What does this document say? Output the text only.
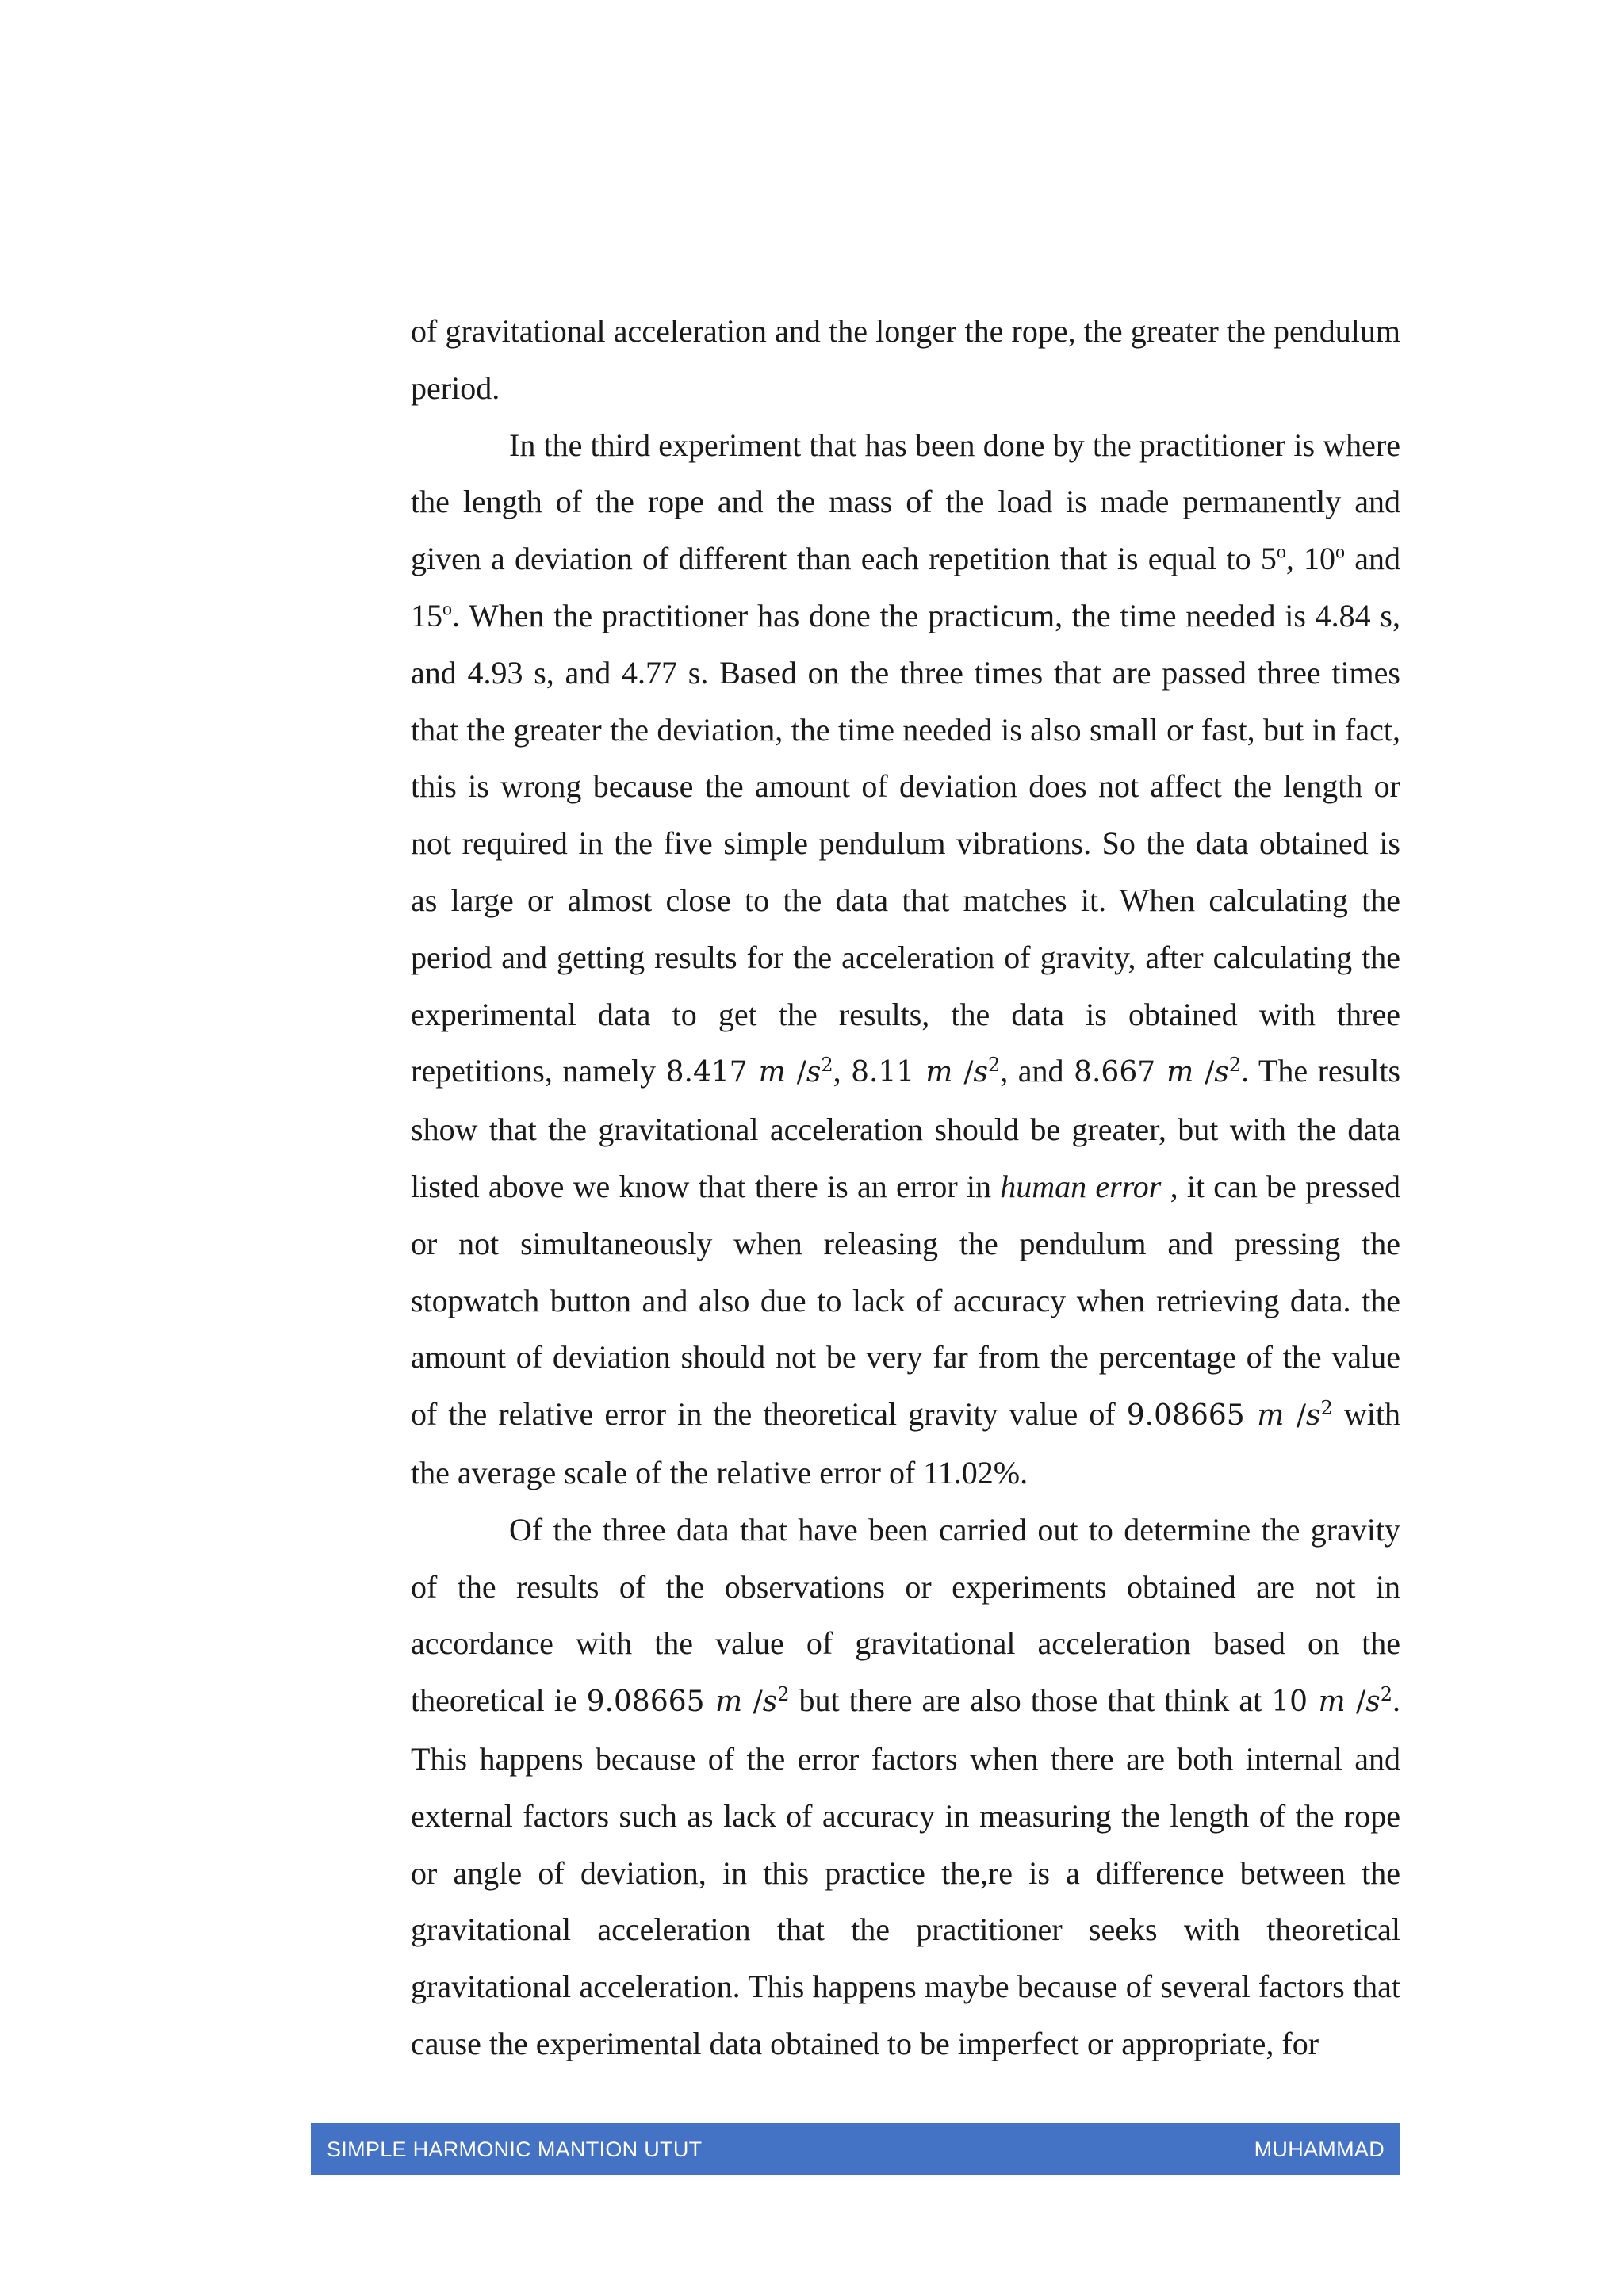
of gravitational acceleration and the longer the rope, the greater the pendulum period.

In the third experiment that has been done by the practitioner is where the length of the rope and the mass of the load is made permanently and given a deviation of different than each repetition that is equal to 5$^o$, 10$^o$ and 15$^o$. When the practitioner has done the practicum, the time needed is 4.84 s, and 4.93 s, and 4.77 s. Based on the three times that are passed three times that the greater the deviation, the time needed is also small or fast, but in fact, this is wrong because the amount of deviation does not affect the length or not required in the five simple pendulum vibrations. So the data obtained is as large or almost close to the data that matches it. When calculating the period and getting results for the acceleration of gravity, after calculating the experimental data to get the results, the data is obtained with three repetitions, namely 8.417 m $/s^2$, 8.11 m $/s^2$, and 8.667 m $/s^2$. The results show that the gravitational acceleration should be greater, but with the data listed above we know that there is an error in human error , it can be pressed or not simultaneously when releasing the pendulum and pressing the stopwatch button and also due to lack of accuracy when retrieving data. the amount of deviation should not be very far from the percentage of the value of the relative error in the theoretical gravity value of 9.08665 m $/s^2$ with the average scale of the relative error of 11.02%.

Of the three data that have been carried out to determine the gravity of the results of the observations or experiments obtained are not in accordance with the value of gravitational acceleration based on the theoretical ie 9.08665 m $/s^2$ but there are also those that think at 10 m $/s^2$. This happens because of the error factors when there are both internal and external factors such as lack of accuracy in measuring the length of the rope or angle of deviation, in this practice the,re is a difference between the gravitational acceleration that the practitioner seeks with theoretical gravitational acceleration. This happens maybe because of several factors that cause the experimental data obtained to be imperfect or appropriate, for

SIMPLE HARMONIC MANTION UTUT	MUHAMMAD
